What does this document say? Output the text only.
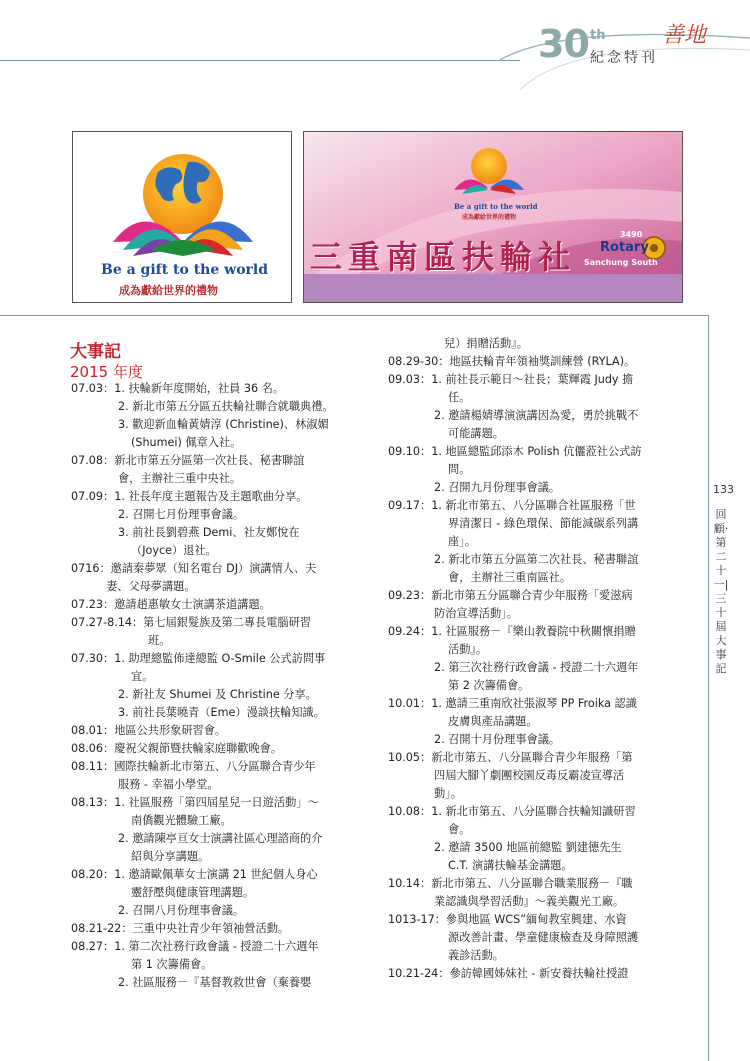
30 th
紀念特刊
善地
Be a gift to the world
成為獻給世界的禮物
Be a gift to the world
成為獻給世界的禮物
三重南區扶輪社
3490
Rotary
Sanchung South
133
回顧‧第二十一|三十屆大事記
大事記
2015 年度
07.03：1. 扶輪新年度開始，社員 36 名。
2. 新北市第五分區五扶輪社聯合就職典禮。
3. 歡迎新血輪黃婧淳 (Christine)、林淑媚
(Shumei) 佩章入社。
07.08：新北市第五分區第一次社長、秘書聯誼
會，主辦社三重中央社。
07.09：1. 社長年度主題報告及主題歌曲分享。
2. 召開七月份理事會議。
3. 前社長劉碧燕 Demi、社友鄭悅在
（Joyce）退社。
0716：邀請秦夢眾（知名電台 DJ）演講情人、夫
妻、父母夢講題。
07.23：邀請趙惠敏女士演講茶道講題。
07.27-8.14：第七屆銀髮族及第二專長電腦研習
班。
07.30：1. 助理總監佈達總監 O-Smile 公式訪問事
宜。
2. 新社友 Shumei 及 Christine 分享。
3. 前社長葉曉青（Eme）漫談扶輪知識。
08.01：地區公共形象研習會。
08.06：慶祝父親節暨扶輪家庭聯歡晚會。
08.11：國際扶輪新北市第五、八分區聯合青少年
服務 - 幸福小學堂。
08.13：1. 社區服務「第四屆星兒一日遊活動」～
南僑觀光體驗工廠。
2. 邀請陳亭亘女士演講社區心理諮商的介
紹與分享講題。
08.20：1. 邀請歐佩華女士演講 21 世紀個人身心
靈舒壓與健康管理講題。
2. 召開八月份理事會議。
08.21-22：三重中央社青少年領袖營活動。
08.27：1. 第二次社務行政會議 - 授證二十六週年
第 1 次籌備會。
2. 社區服務－『基督教救世會（棄養嬰
兒）捐贈活動』。
08.29-30：地區扶輪青年領袖獎訓練營 (RYLA)。
09.03：1. 前社長示範日～社長；葉輝霞 Judy 擔
任。
2. 邀請楊婧導演演講因為愛，勇於挑戰不
可能講題。
09.10：1. 地區總監邱添木 Polish 伉儷蒞社公式訪
問。
2. 召開九月份理事會議。
09.17：1. 新北市第五、八分區聯合社區服務「世
界清潔日 - 綠色環保、節能減碳系列講
座」。
2. 新北市第五分區第二次社長、秘書聯誼
會，主辦社三重南區社。
09.23：新北市第五分區聯合青少年服務「愛滋病
防治宣導活動」。
09.24：1. 社區服務－『樂山教養院中秋關懷捐贈
活動』。
2. 第三次社務行政會議 - 授證二十六週年
第 2 次籌備會。
10.01：1. 邀請三重南欣社張淑琴 PP Froika 認識
皮膚與產品講題。
2. 召開十月份理事會議。
10.05：新北市第五、八分區聯合青少年服務「第
四屆大腳丫劇團校園反毒反霸凌宣導活
動」。
10.08：1. 新北市第五、八分區聯合扶輪知識研習
會。
2. 邀請 3500 地區前總監 劉建德先生
C.T. 演講扶輪基金講題。
10.14：新北市第五、八分區聯合職業服務－『職
業認識與學習活動』～義美觀光工廠。
1013-17：參與地區 WCS”緬甸教室興建、水資
源改善計畫、學童健康檢查及身障照護
義診活動。
10.21-24：參訪韓國姊妹社 - 新安養扶輪社授證
